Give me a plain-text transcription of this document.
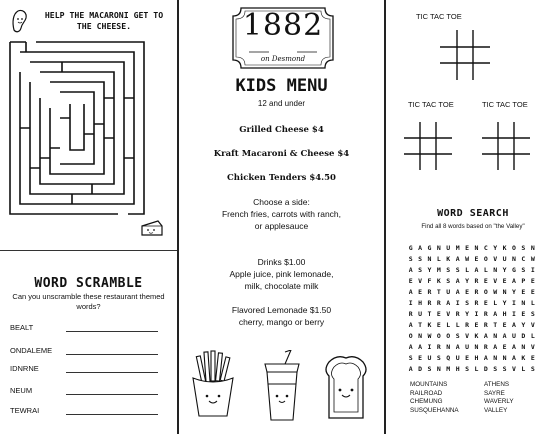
HELP THE MACARONI GET TO THE CHEESE.
WORD SCRAMBLE
Can you unscramble these restaurant themed words?
BEALT
ONDALEME
IDNRNE
NEUM
TEWRAI
1882
on Desmond
KIDS MENU
12 and under
Grilled Cheese $4
Kraft Macaroni & Cheese $4
Chicken Tenders $4.50
Choose a side:
French fries, carrots with ranch,
or applesauce

Drinks $1.00
Apple juice, pink lemonade,
milk, chocolate milk

Flavored Lemonade $1.50
cherry, mango or berry
TIC TAC TOE
TIC TAC TOE	TIC TAC TOE
WORD SEARCH
Find all 8 words based on "the Valley"
G A G N U M E N C Y K O S N
S S N L K A W E O V U N C W
A S Y M S S L A L N Y G S I
E V F K S A Y R E V E A P E
A E R T U A E R O W N Y E E
I H R R A I S R E L Y I N L
R U T E V R Y I R A H I E S
A T K E L L R E R T E A Y V
O N W O O S V K A N A U D L
A A I R N A U N R A E A N V
S E U S Q U E H A N N A K E
A D S N M H S L D S S V L S
MOUNTAINS
RAILROAD
CHEMUNG
SUSQUEHANNA
ATHENS
SAYRE
WAVERLY
VALLEY
